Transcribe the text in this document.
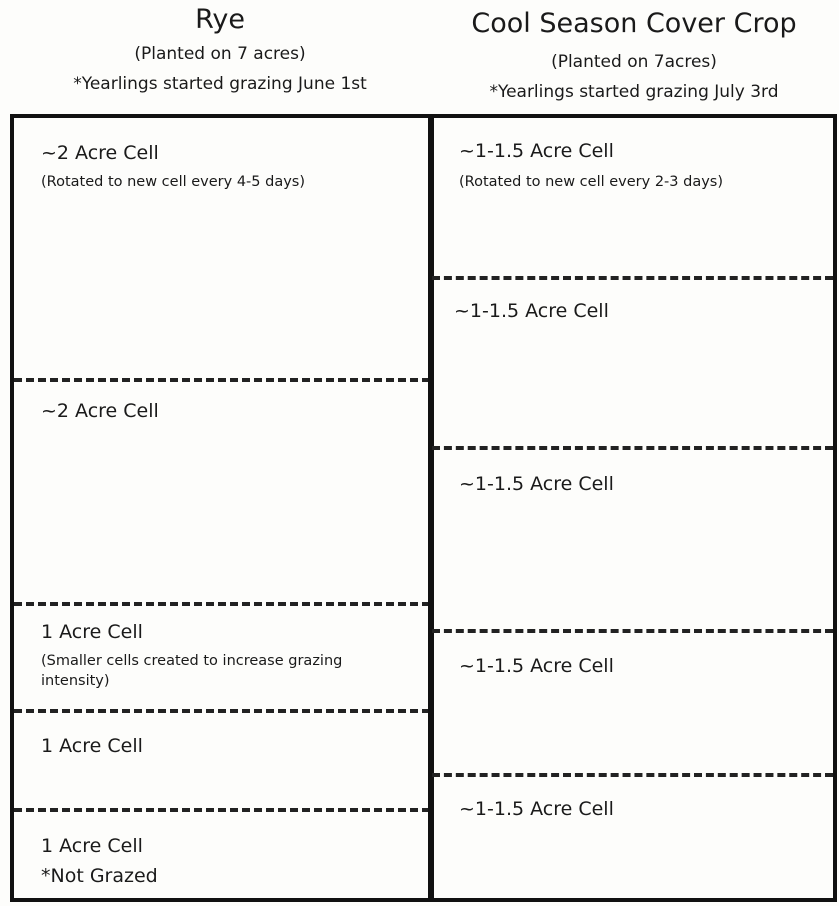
Rye
(Planted on 7 acres)
*Yearlings started grazing June 1st
Cool Season Cover Crop
(Planted on 7acres)
*Yearlings started grazing July 3rd
~2 Acre Cell
(Rotated to new cell every 4-5 days)
~2 Acre Cell
1 Acre Cell
(Smaller cells created to increase grazing intensity)
1 Acre Cell
1 Acre Cell
*Not Grazed
~1-1.5 Acre Cell
(Rotated to new cell every 2-3 days)
~1-1.5 Acre Cell
~1-1.5 Acre Cell
~1-1.5 Acre Cell
~1-1.5 Acre Cell
